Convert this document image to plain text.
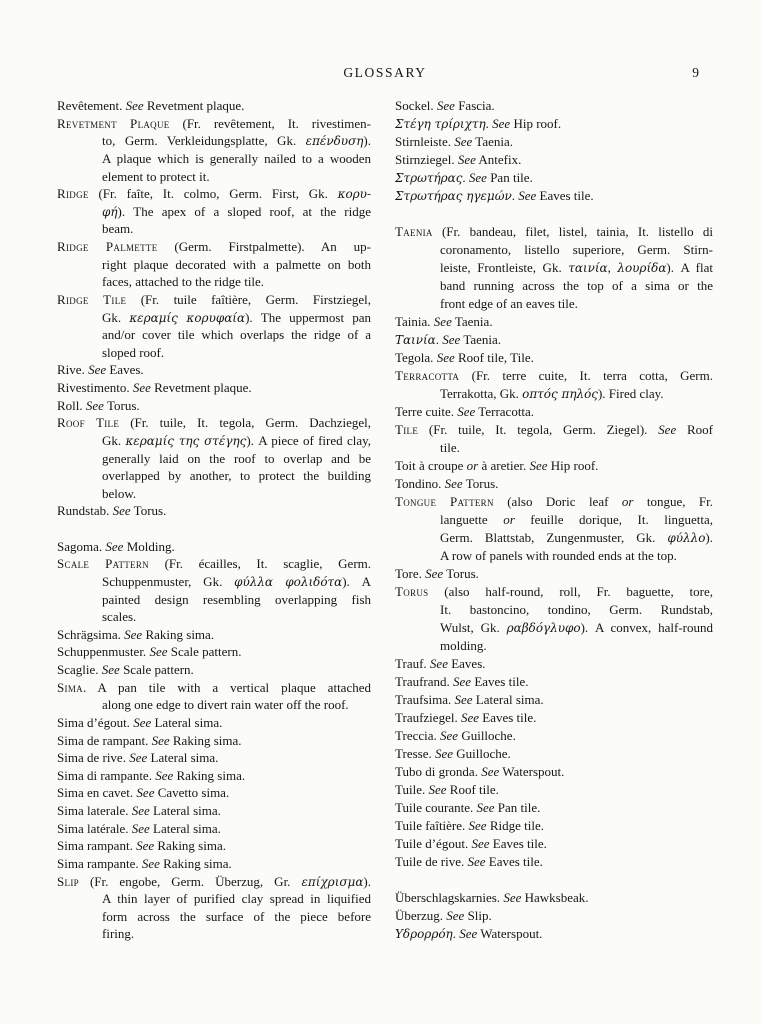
GLOSSARY	9
Revêtement. See Revetment plaque.
Revetment Plaque (Fr. revêtement, It. rivestimen-
to, Germ. Verkleidungsplatte, Gk. επένδυση).
A plaque which is generally nailed to a wooden
element to protect it.
Ridge (Fr. faîte, It. colmo, Germ. First, Gk. κορυ-
φή). The apex of a sloped roof, at the ridge
beam.
Ridge Palmette (Germ. Firstpalmette). An up-
right plaque decorated with a palmette on both
faces, attached to the ridge tile.
Ridge Tile (Fr. tuile faîtière, Germ. Firstziegel,
Gk. κεραμίς κορυφαία). The uppermost pan
and/or cover tile which overlaps the ridge of a
sloped roof.
Rive. See Eaves.
Rivestimento. See Revetment plaque.
Roll. See Torus.
Roof Tile (Fr. tuile, It. tegola, Germ. Dachziegel,
Gk. κεραμίς της στέγης). A piece of fired clay,
generally laid on the roof to overlap and be
overlapped by another, to protect the building
below.
Rundstab. See Torus.
Sagoma. See Molding.
Scale Pattern (Fr. écailles, It. scaglie, Germ.
Schuppenmuster, Gk. φύλλα φολιδότα). A
painted design resembling overlapping fish
scales.
Schrägsima. See Raking sima.
Schuppenmuster. See Scale pattern.
Scaglie. See Scale pattern.
Sima. A pan tile with a vertical plaque attached
along one edge to divert rain water off the roof.
Sima d’égout. See Lateral sima.
Sima de rampant. See Raking sima.
Sima de rive. See Lateral sima.
Sima di rampante. See Raking sima.
Sima en cavet. See Cavetto sima.
Sima laterale. See Lateral sima.
Sima latérale. See Lateral sima.
Sima rampant. See Raking sima.
Sima rampante. See Raking sima.
Slip (Fr. engobe, Germ. Überzug, Gr. επίχρισμα).
A thin layer of purified clay spread in liquified
form across the surface of the piece before
firing.
Sockel. See Fascia.
Στέγη τρίριχτη. See Hip roof.
Stirnleiste. See Taenia.
Stirnziegel. See Antefix.
Στρωτήρας. See Pan tile.
Στρωτήρας ηγεμών. See Eaves tile.
Taenia (Fr. bandeau, filet, listel, tainia, It. listello di
coronamento, listello superiore, Germ. Stirn-
leiste, Frontleiste, Gk. ταινία, λουρίδα). A flat
band running across the top of a sima or the
front edge of an eaves tile.
Tainia. See Taenia.
Ταινία. See Taenia.
Tegola. See Roof tile, Tile.
Terracotta (Fr. terre cuite, It. terra cotta, Germ.
Terrakotta, Gk. οπτός πηλός). Fired clay.
Terre cuite. See Terracotta.
Tile (Fr. tuile, It. tegola, Germ. Ziegel). See Roof
tile.
Toit à croupe or à aretier. See Hip roof.
Tondino. See Torus.
Tongue Pattern (also Doric leaf or tongue, Fr.
languette or feuille dorique, It. linguetta,
Germ. Blattstab, Zungenmuster, Gk. φύλλο).
A row of panels with rounded ends at the top.
Tore. See Torus.
Torus (also half-round, roll, Fr. baguette, tore,
It. bastoncino, tondino, Germ. Rundstab,
Wulst, Gk. ραβδόγλυφο). A convex, half-round
molding.
Trauf. See Eaves.
Traufrand. See Eaves tile.
Traufsima. See Lateral sima.
Traufziegel. See Eaves tile.
Treccia. See Guilloche.
Tresse. See Guilloche.
Tubo di gronda. See Waterspout.
Tuile. See Roof tile.
Tuile courante. See Pan tile.
Tuile faîtière. See Ridge tile.
Tuile d’égout. See Eaves tile.
Tuile de rive. See Eaves tile.
Überschlagskarnies. See Hawksbeak.
Überzug. See Slip.
Υδρορρόη. See Waterspout.
